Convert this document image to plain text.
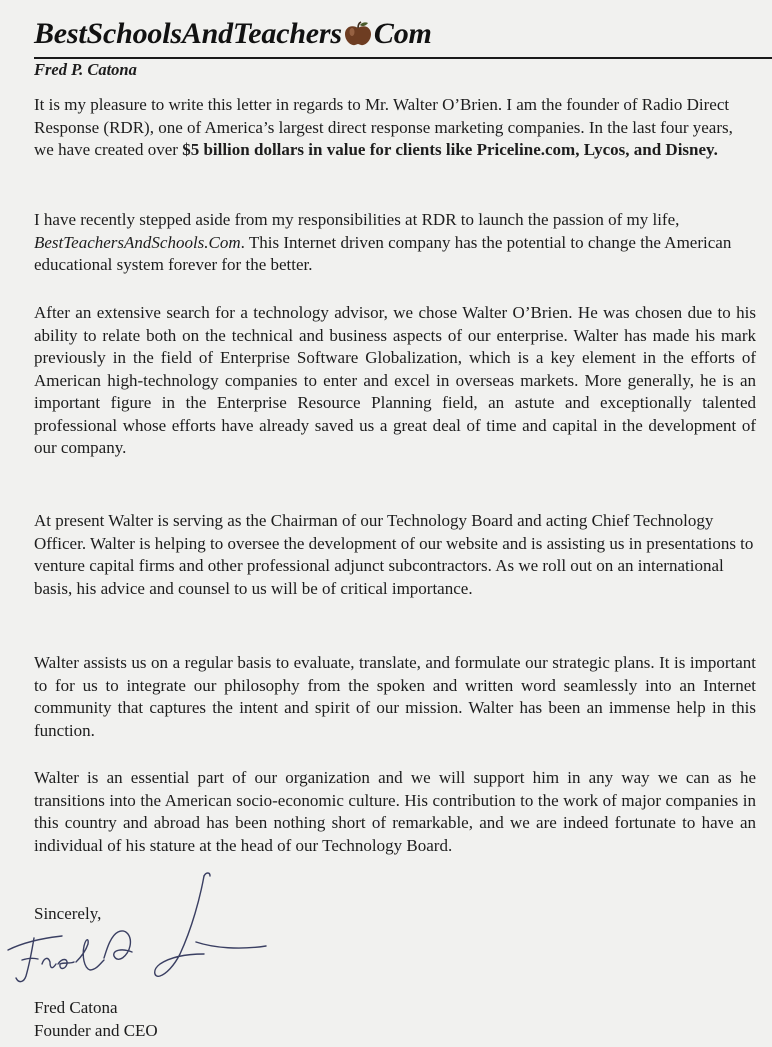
BestSchoolsAndTeachers Com
Fred P. Catona

It is my pleasure to write this letter in regards to Mr. Walter O’Brien. I am the founder of Radio Direct Response (RDR), one of America’s largest direct response marketing companies. In the last four years, we have created over $5 billion dollars in value for clients like Priceline.com, Lycos, and Disney.

I have recently stepped aside from my responsibilities at RDR to launch the passion of my life, BestTeachersAndSchools.Com. This Internet driven company has the potential to change the American educational system forever for the better.

After an extensive search for a technology advisor, we chose Walter O’Brien. He was chosen due to his ability to relate both on the technical and business aspects of our enterprise. Walter has made his mark previously in the field of Enterprise Software Globalization, which is a key element in the efforts of American high-technology companies to enter and excel in overseas markets. More generally, he is an important figure in the Enterprise Resource Planning field, an astute and exceptionally talented professional whose efforts have already saved us a great deal of time and capital in the development of our company.

At present Walter is serving as the Chairman of our Technology Board and acting Chief Technology Officer. Walter is helping to oversee the development of our website and is assisting us in presentations to venture capital firms and other professional adjunct subcontractors. As we roll out on an international basis, his advice and counsel to us will be of critical importance.

Walter assists us on a regular basis to evaluate, translate, and formulate our strategic plans. It is important to for us to integrate our philosophy from the spoken and written word seamlessly into an Internet community that captures the intent and spirit of our mission. Walter has been an immense help in this function.

Walter is an essential part of our organization and we will support him in any way we can as he transitions into the American socio-economic culture. His contribution to the work of major companies in this country and abroad has been nothing short of remarkable, and we are indeed fortunate to have an individual of his stature at the head of our Technology Board.

Sincerely,
Fred
Fred Catona
Founder and CEO
